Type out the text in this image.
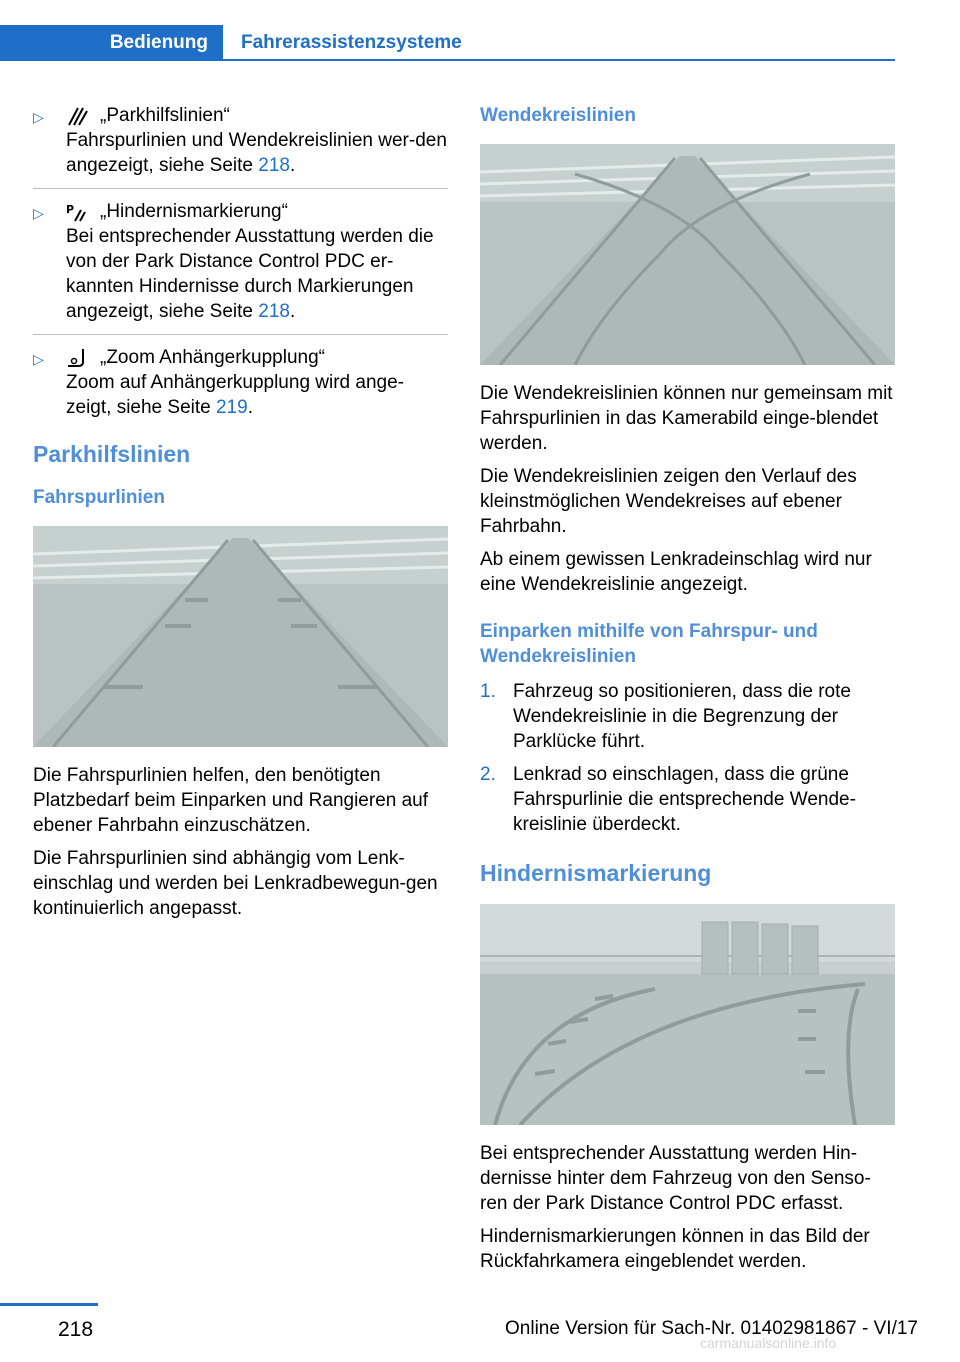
Bedienung	Fahrerassistenzsysteme
▷	„Parkhilfslinien“
Fahrspurlinien und Wendekreislinien wer‐den angezeigt, siehe Seite 218.
▷ P „Hindernismarkierung“
Bei entsprechender Ausstattung werden die von der Park Distance Control PDC er‐kannten Hindernisse durch Markierungen angezeigt, siehe Seite 218.
▷	„Zoom Anhängerkupplung“
Zoom auf Anhängerkupplung wird ange‐zeigt, siehe Seite 219.
Parkhilfslinien
Fahrspurlinien

Die Fahrspurlinien helfen, den benötigten Platzbedarf beim Einparken und Rangieren auf ebener Fahrbahn einzuschätzen.

Die Fahrspurlinien sind abhängig vom Lenk‐einschlag und werden bei Lenkradbewegun‐gen kontinuierlich angepasst.

Wendekreislinien

Die Wendekreislinien können nur gemeinsam mit Fahrspurlinien in das Kamerabild einge‐blendet werden.

Die Wendekreislinien zeigen den Verlauf des kleinstmöglichen Wendekreises auf ebener Fahrbahn.

Ab einem gewissen Lenkradeinschlag wird nur eine Wendekreislinie angezeigt.

Einparken mithilfe von Fahrspur- und Wendekreislinien
1. Fahrzeug so positionieren, dass die rote Wendekreislinie in die Begrenzung der Parklücke führt.
2. Lenkrad so einschlagen, dass die grüne Fahrspurlinie die entsprechende Wende‐kreislinie überdeckt.
Hindernismarkierung

Bei entsprechender Ausstattung werden Hin‐dernisse hinter dem Fahrzeug von den Senso‐ren der Park Distance Control PDC erfasst.

Hindernismarkierungen können in das Bild der Rückfahrkamera eingeblendet werden.

218	Online Version für Sach-Nr. 01402981867 - VI/17
carmanualsonline.info
